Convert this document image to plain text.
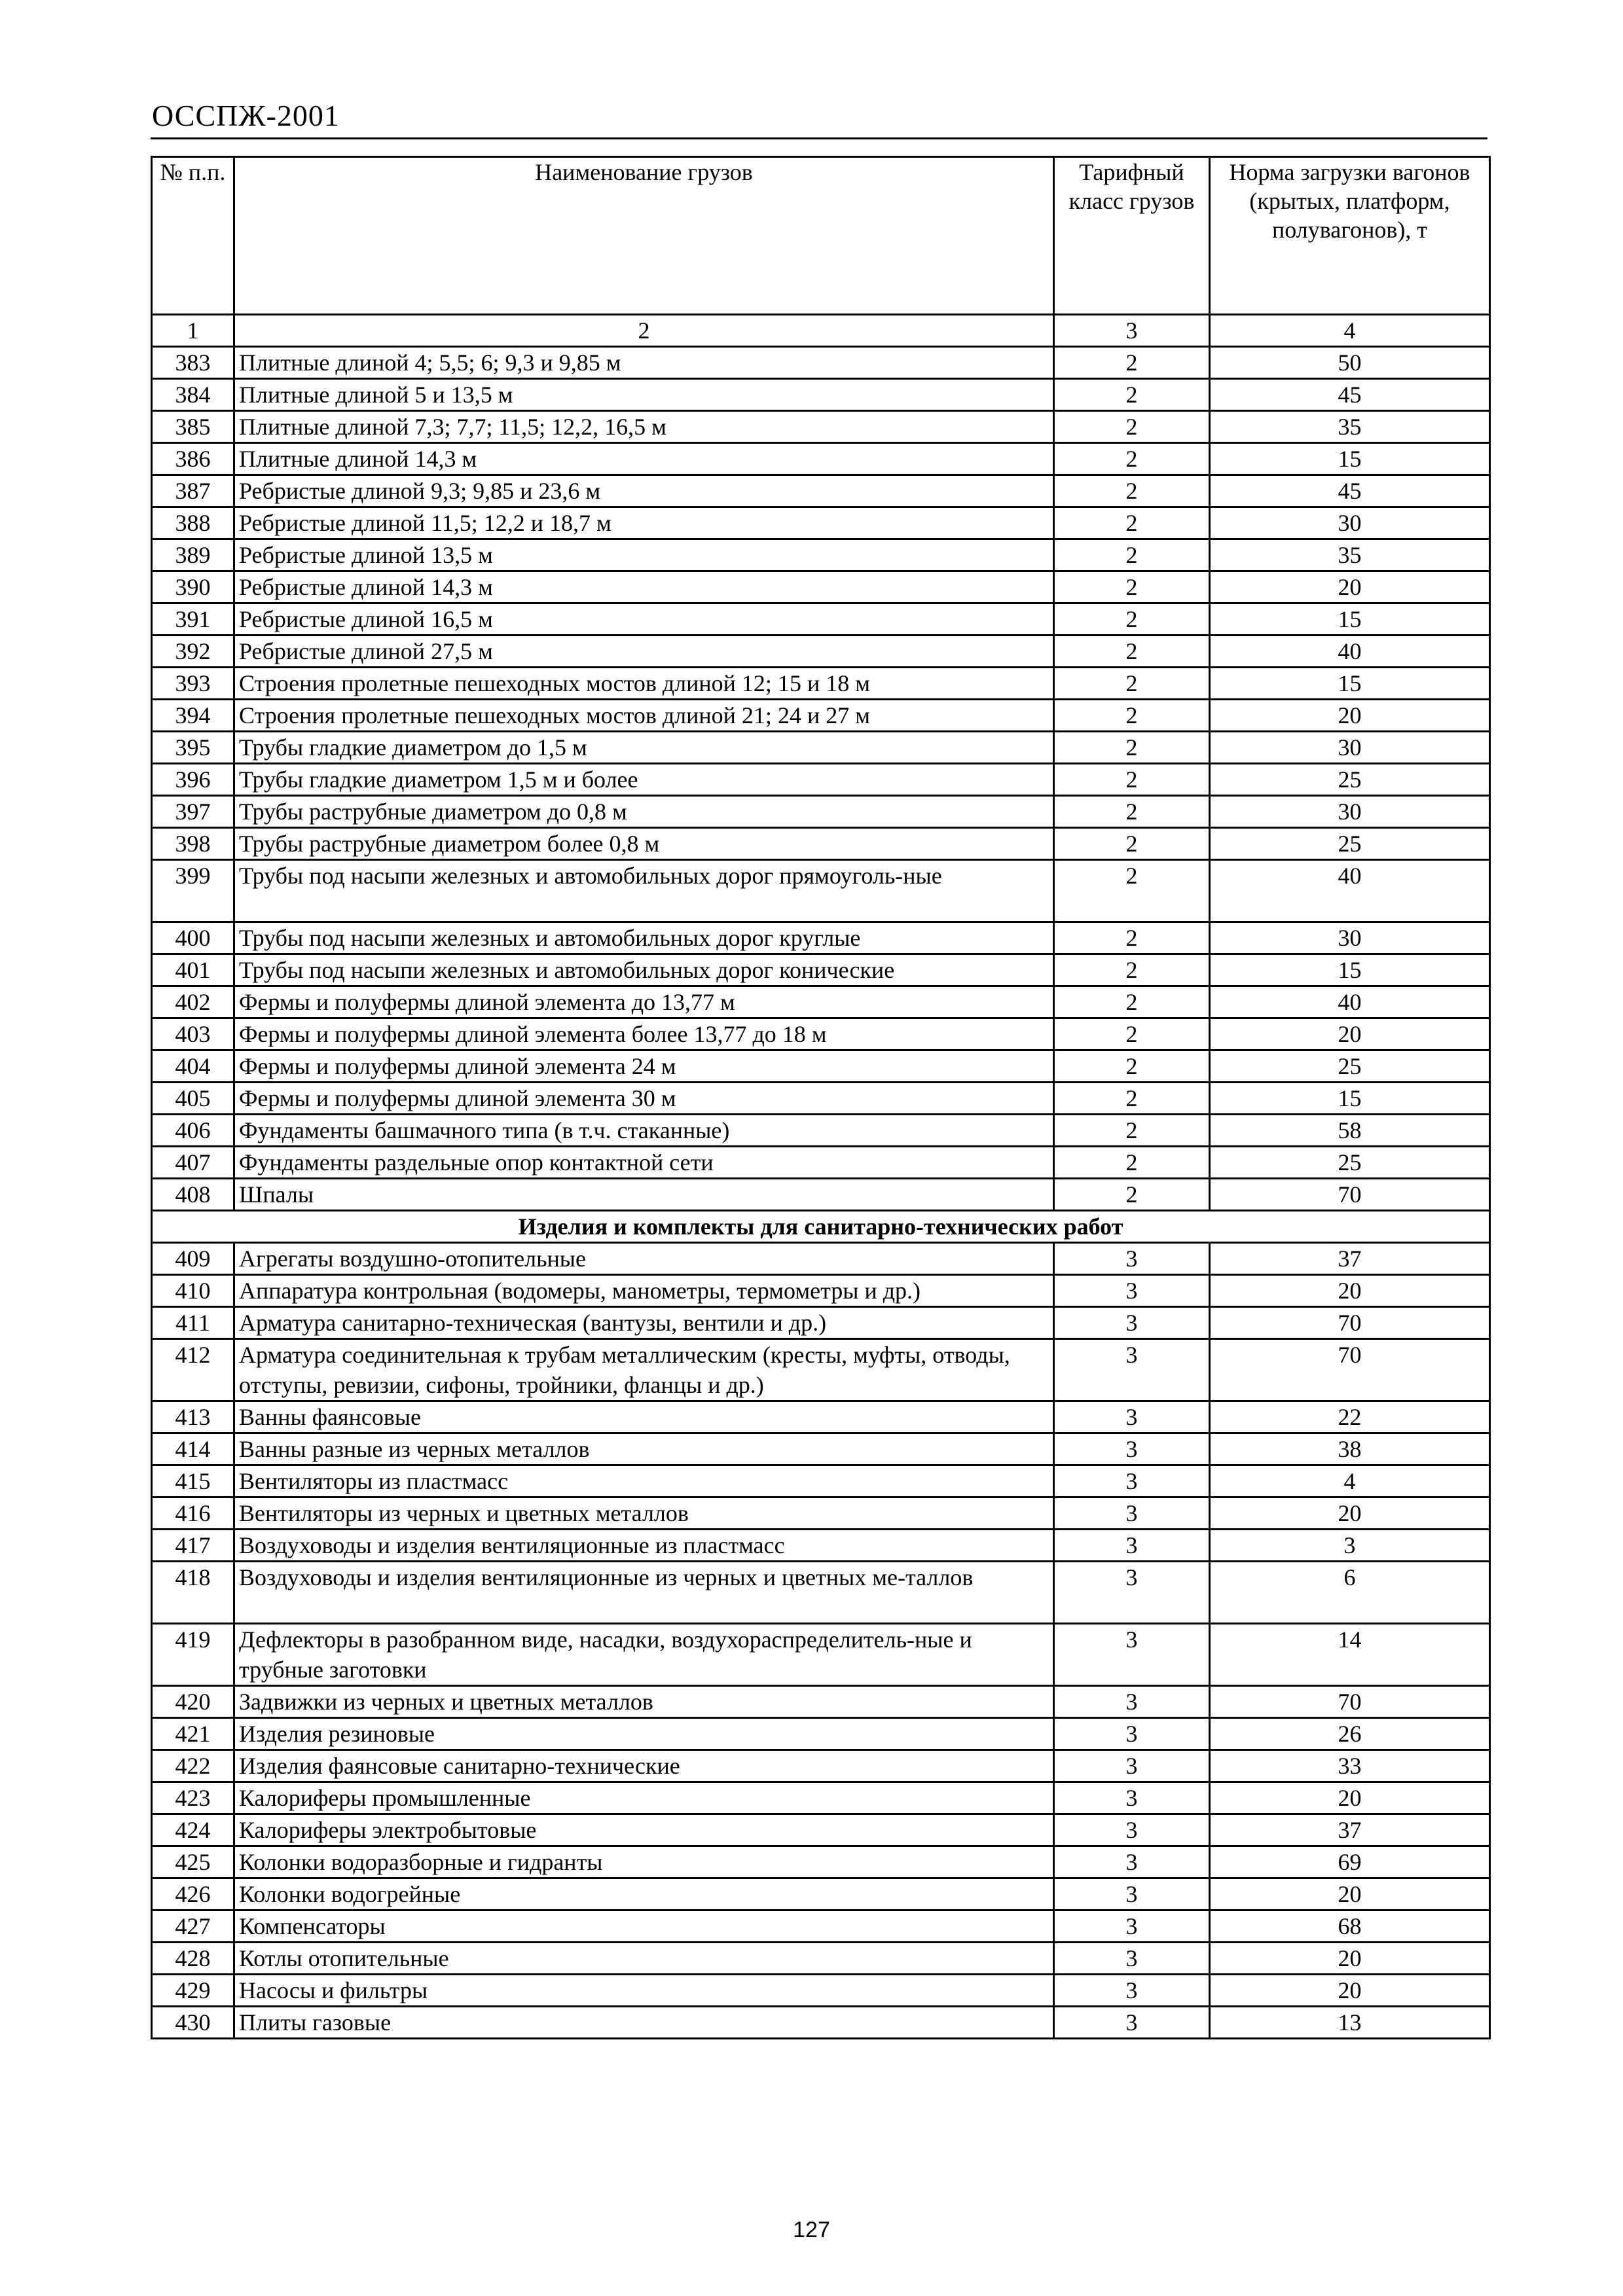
ОССПЖ-2001
№ п.п.	Наименование грузов	Тарифный класс грузов	Норма загрузки вагонов (крытых, платформ, полувагонов), т
1	2	3	4
383	Плитные длиной 4; 5,5; 6; 9,3 и 9,85 м	2	50
384	Плитные длиной 5 и 13,5 м	2	45
385	Плитные длиной 7,3; 7,7; 11,5; 12,2, 16,5 м	2	35
386	Плитные длиной 14,3 м	2	15
387	Ребристые длиной 9,3; 9,85 и 23,6 м	2	45
388	Ребристые длиной 11,5; 12,2 и 18,7 м	2	30
389	Ребристые длиной 13,5 м	2	35
390	Ребристые длиной 14,3 м	2	20
391	Ребристые длиной 16,5 м	2	15
392	Ребристые длиной 27,5 м	2	40
393	Строения пролетные пешеходных мостов длиной 12; 15 и 18 м	2	15
394	Строения пролетные пешеходных мостов длиной 21; 24 и 27 м	2	20
395	Трубы гладкие диаметром до 1,5 м	2	30
396	Трубы гладкие диаметром 1,5 м и более	2	25
397	Трубы раструбные диаметром до 0,8 м	2	30
398	Трубы раструбные диаметром более 0,8 м	2	25
399	Трубы под насыпи железных и автомобильных дорог прямоуголь-ные	2	40
400	Трубы под насыпи железных и автомобильных дорог круглые	2	30
401	Трубы под насыпи железных и автомобильных дорог конические	2	15
402	Фермы и полуфермы длиной элемента до 13,77 м	2	40
403	Фермы и полуфермы длиной элемента более 13,77 до 18 м	2	20
404	Фермы и полуфермы длиной элемента 24 м	2	25
405	Фермы и полуфермы длиной элемента 30 м	2	15
406	Фундаменты башмачного типа (в т.ч. стаканные)	2	58
407	Фундаменты раздельные опор контактной сети	2	25
408	Шпалы	2	70
Изделия и комплекты для санитарно-технических работ			
409	Агрегаты воздушно-отопительные	3	37
410	Аппаратура контрольная (водомеры, манометры, термометры и др.)	3	20
411	Арматура санитарно-техническая (вантузы, вентили и др.)	3	70
412	Арматура соединительная к трубам металлическим (кресты, муфты, отводы, отступы, ревизии, сифоны, тройники, фланцы и др.)	3	70
413	Ванны фаянсовые	3	22
414	Ванны разные из черных металлов	3	38
415	Вентиляторы из пластмасс	3	4
416	Вентиляторы из черных и цветных металлов	3	20
417	Воздуховоды и изделия вентиляционные из пластмасс	3	3
418	Воздуховоды и изделия вентиляционные из черных и цветных ме-таллов	3	6
419	Дефлекторы в разобранном виде, насадки, воздухораспределитель-ные и трубные заготовки	3	14
420	Задвижки из черных и цветных металлов	3	70
421	Изделия резиновые	3	26
422	Изделия фаянсовые санитарно-технические	3	33
423	Калориферы промышленные	3	20
424	Калориферы электробытовые	3	37
425	Колонки водоразборные и гидранты	3	69
426	Колонки водогрейные	3	20
427	Компенсаторы	3	68
428	Котлы отопительные	3	20
429	Насосы и фильтры	3	20
430	Плиты газовые	3	13
127
